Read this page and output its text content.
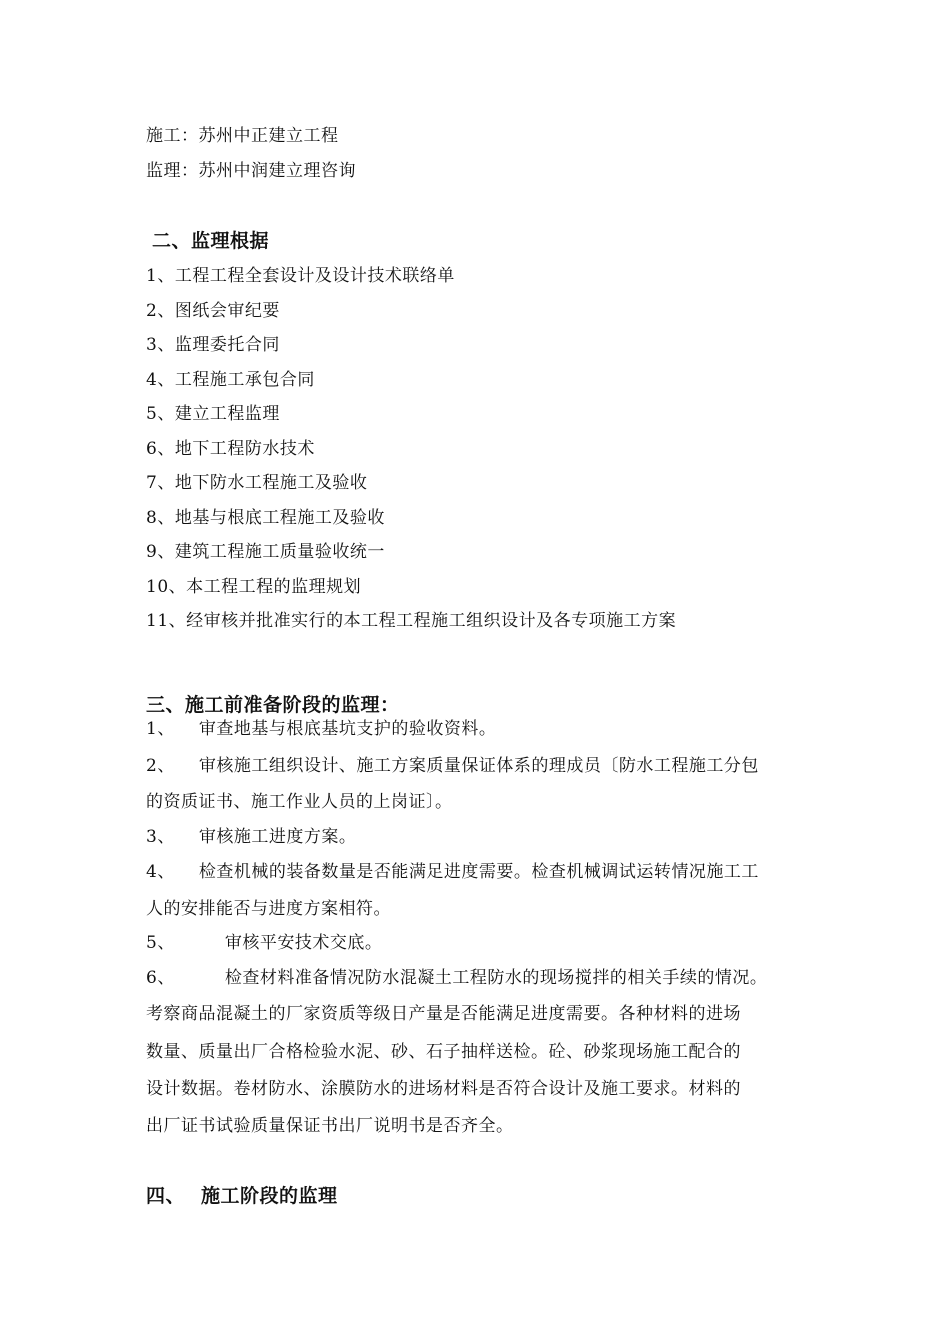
施工：苏州中正建立工程
监理：苏州中润建立理咨询
二、监理根据
1、工程工程全套设计及设计技术联络单
2、图纸会审纪要
3、监理委托合同
4、工程施工承包合同
5、建立工程监理
6、地下工程防水技术
7、地下防水工程施工及验收
8、地基与根底工程施工及验收
9、建筑工程施工质量验收统一
10、本工程工程的监理规划
11、经审核并批准实行的本工程工程施工组织设计及各专项施工方案
三、施工前准备阶段的监理：
1、 审查地基与根底基坑支护的验收资料。
2、 审核施工组织设计、施工方案质量保证体系的理成员〔防水工程施工分包
的资质证书、施工作业人员的上岗证〕。
3、 审核施工进度方案。
4、 检查机械的装备数量是否能满足进度需要。检查机械调试运转情况施工工
人的安排能否与进度方案相符。
5、	审核平安技术交底。
6、	检查材料准备情况防水混凝土工程防水的现场搅拌的相关手续的情况。
考察商品混凝土的厂家资质等级日产量是否能满足进度需要。各种材料的进场
数量、质量出厂合格检验水泥、砂、石子抽样送检。砼、砂浆现场施工配合的
设计数据。卷材防水、涂膜防水的进场材料是否符合设计及施工要求。材料的
出厂证书试验质量保证书出厂说明书是否齐全。
四、 施工阶段的监理
